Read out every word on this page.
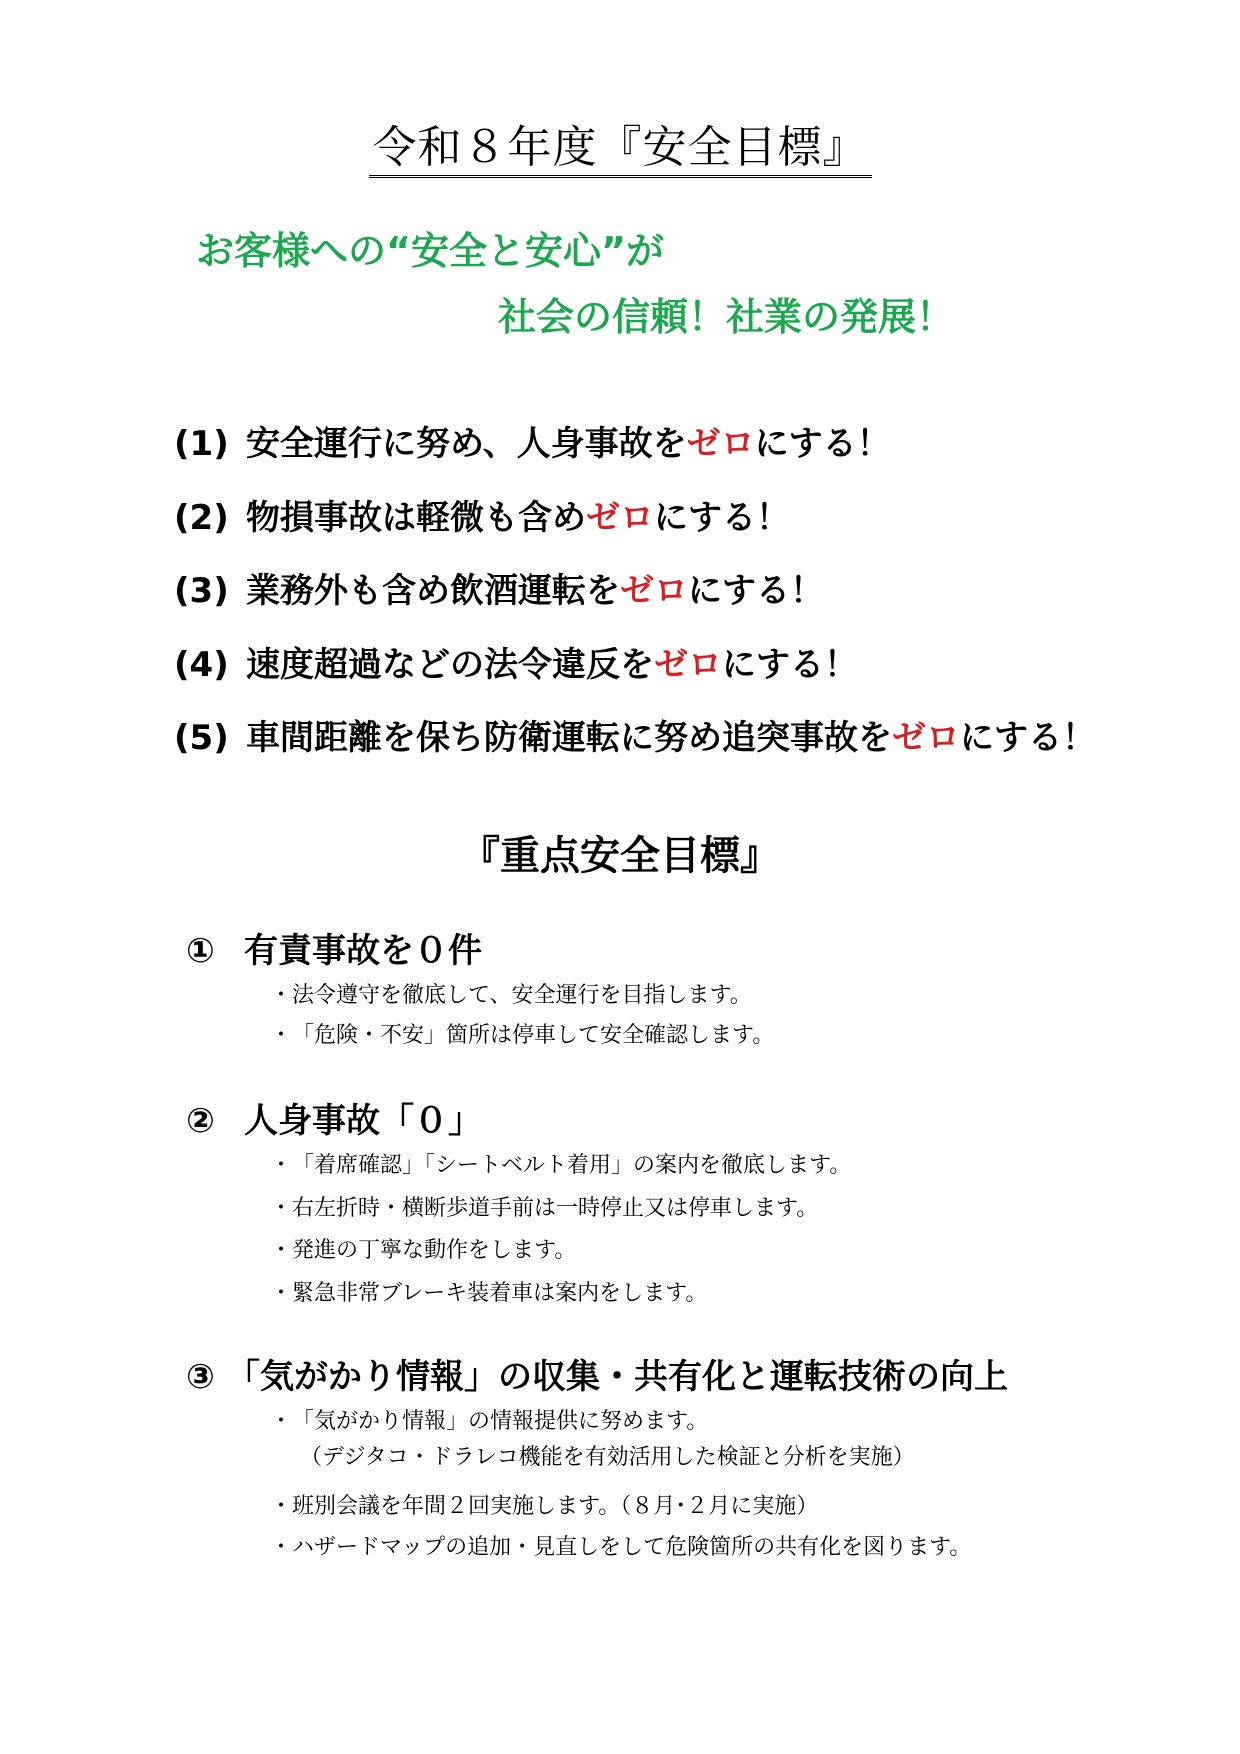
令和８年度『安全目標』
お客様への“安全と安心”が
社会の信頼！社業の発展！
(1) 安全運行に努め、人身事故をゼロにする！
(2) 物損事故は軽微も含めゼロにする！
(3) 業務外も含め飲酒運転をゼロにする！
(4) 速度超過などの法令違反をゼロにする！
(5) 車間距離を保ち防衛運転に努め追突事故をゼロにする！
『重点安全目標』
① 有責事故を０件
・法令遵守を徹底して、安全運行を目指します。
・「危険・不安」箇所は停車して安全確認します。
② 人身事故「０」
・「着席確認」「シートベルト着用」の案内を徹底します。
・右左折時・横断歩道手前は一時停止又は停車します。
・発進の丁寧な動作をします。
・緊急非常ブレーキ装着車は案内をします。
③ 「気がかり情報」の収集・共有化と運転技術の向上
・「気がかり情報」の情報提供に努めます。
（デジタコ・ドラレコ機能を有効活用した検証と分析を実施）
・班別会議を年間２回実施します。（８月･２月に実施）
・ハザードマップの追加・見直しをして危険箇所の共有化を図ります。
